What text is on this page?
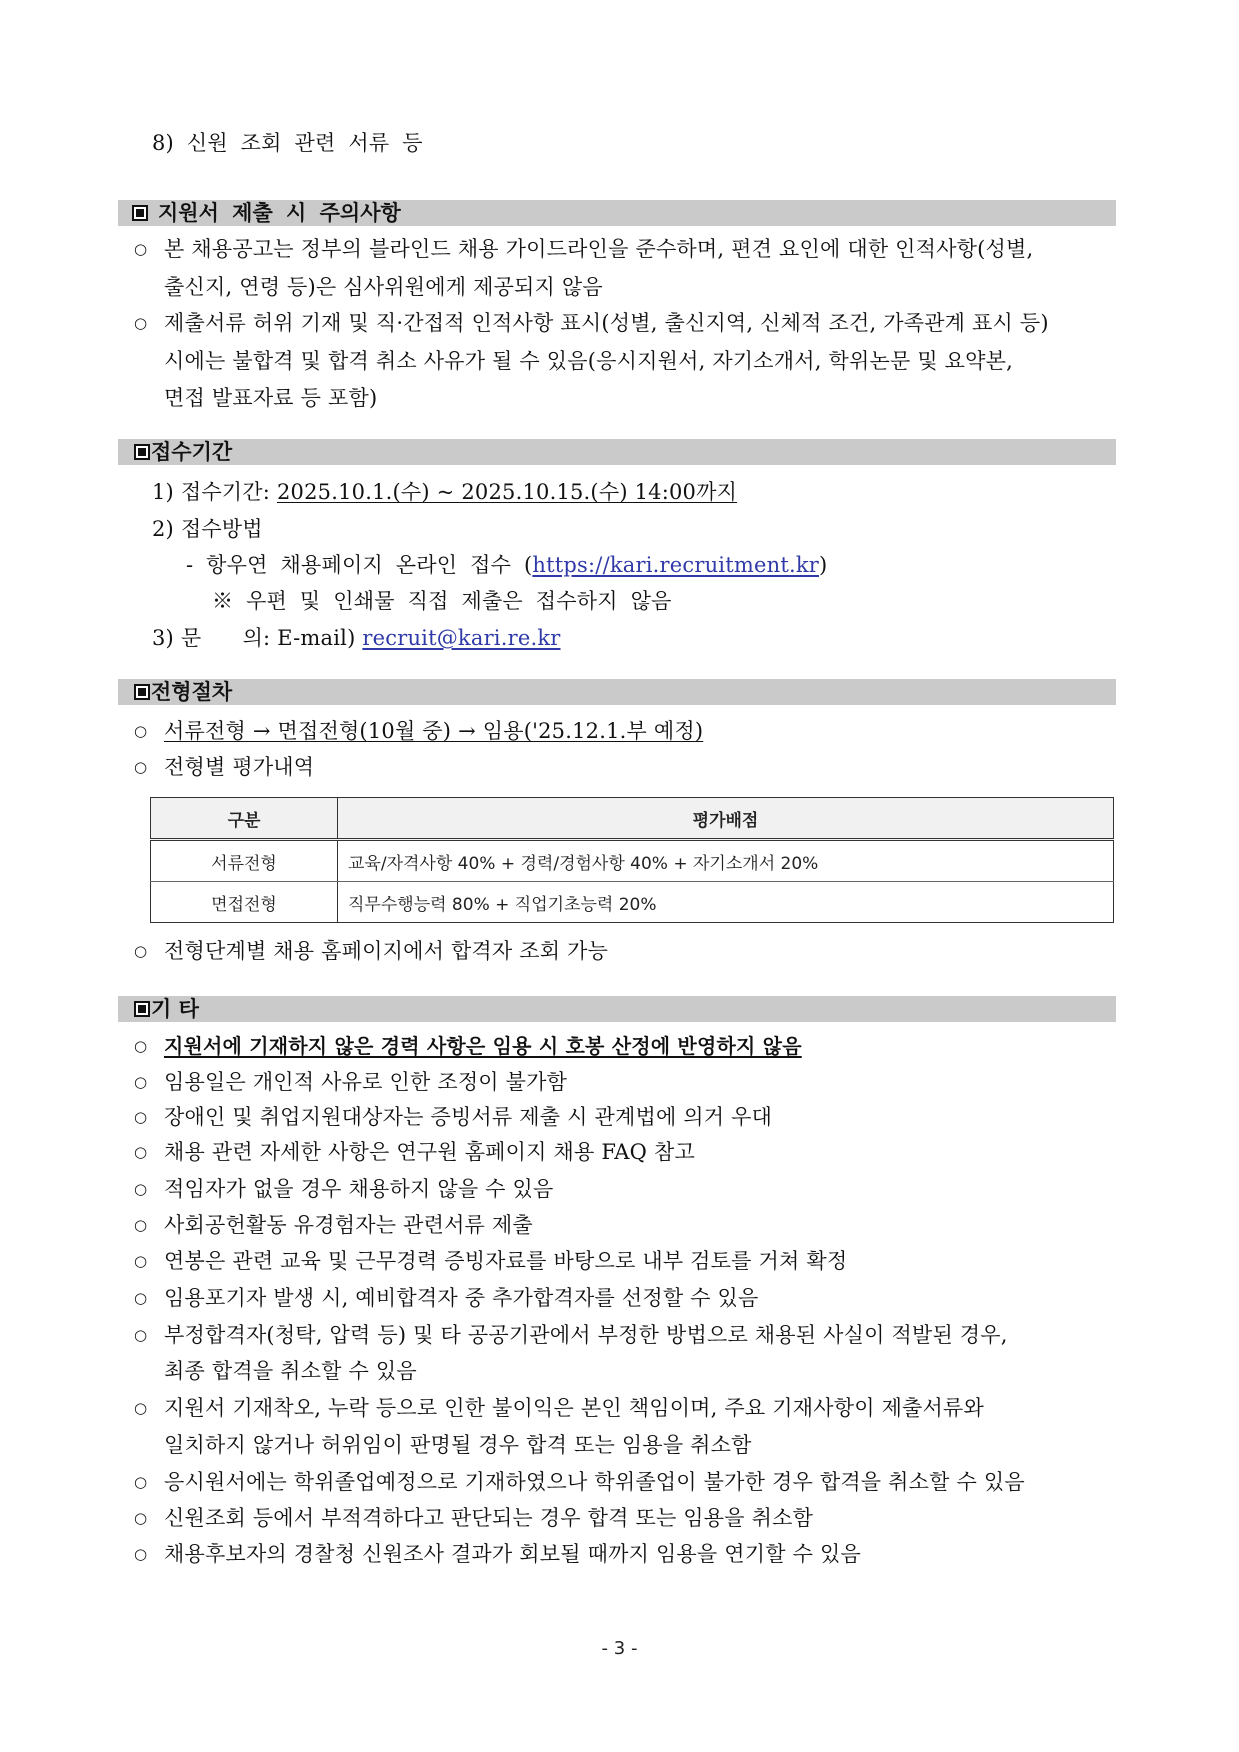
8) 신원 조회 관련 서류 등
지원서 제출 시 주의사항
○ 본 채용공고는 정부의 블라인드 채용 가이드라인을 준수하며, 편견 요인에 대한 인적사항(성별,
출신지, 연령 등)은 심사위원에게 제공되지 않음
○ 제출서류 허위 기재 및 직·간접적 인적사항 표시(성별, 출신지역, 신체적 조건, 가족관계 표시 등)
시에는 불합격 및 합격 취소 사유가 될 수 있음(응시지원서, 자기소개서, 학위논문 및 요약본,
면접 발표자료 등 포함)
접수기간
1) 접수기간: 2025.10.1.(수) ~ 2025.10.15.(수) 14:00까지
2) 접수방법
- 항우연 채용페이지 온라인 접수 (https://kari.recruitment.kr)
※ 우편 및 인쇄물 직접 제출은 접수하지 않음
3) 문      의: E-mail) recruit@kari.re.kr
전형절차
○ 서류전형 → 면접전형(10월 중) → 임용('25.12.1.부 예정)
○ 전형별 평가내역
구분	평가배점
서류전형	교육/자격사항 40% + 경력/경험사항 40% + 자기소개서 20%
면접전형	직무수행능력 80% + 직업기초능력 20%
○ 전형단계별 채용 홈페이지에서 합격자 조회 가능
기 타
○ 지원서에 기재하지 않은 경력 사항은 임용 시 호봉 산정에 반영하지 않음
○ 임용일은 개인적 사유로 인한 조정이 불가함
○ 장애인 및 취업지원대상자는 증빙서류 제출 시 관계법에 의거 우대
○ 채용 관련 자세한 사항은 연구원 홈페이지 채용 FAQ 참고
○ 적임자가 없을 경우 채용하지 않을 수 있음
○ 사회공헌활동 유경험자는 관련서류 제출
○ 연봉은 관련 교육 및 근무경력 증빙자료를 바탕으로 내부 검토를 거쳐 확정
○ 임용포기자 발생 시, 예비합격자 중 추가합격자를 선정할 수 있음
○ 부정합격자(청탁, 압력 등) 및 타 공공기관에서 부정한 방법으로 채용된 사실이 적발된 경우,
최종 합격을 취소할 수 있음
○ 지원서 기재착오, 누락 등으로 인한 불이익은 본인 책임이며, 주요 기재사항이 제출서류와
일치하지 않거나 허위임이 판명될 경우 합격 또는 임용을 취소함
○ 응시원서에는 학위졸업예정으로 기재하였으나 학위졸업이 불가한 경우 합격을 취소할 수 있음
○ 신원조회 등에서 부적격하다고 판단되는 경우 합격 또는 임용을 취소함
○ 채용후보자의 경찰청 신원조사 결과가 회보될 때까지 임용을 연기할 수 있음
- 3 -
